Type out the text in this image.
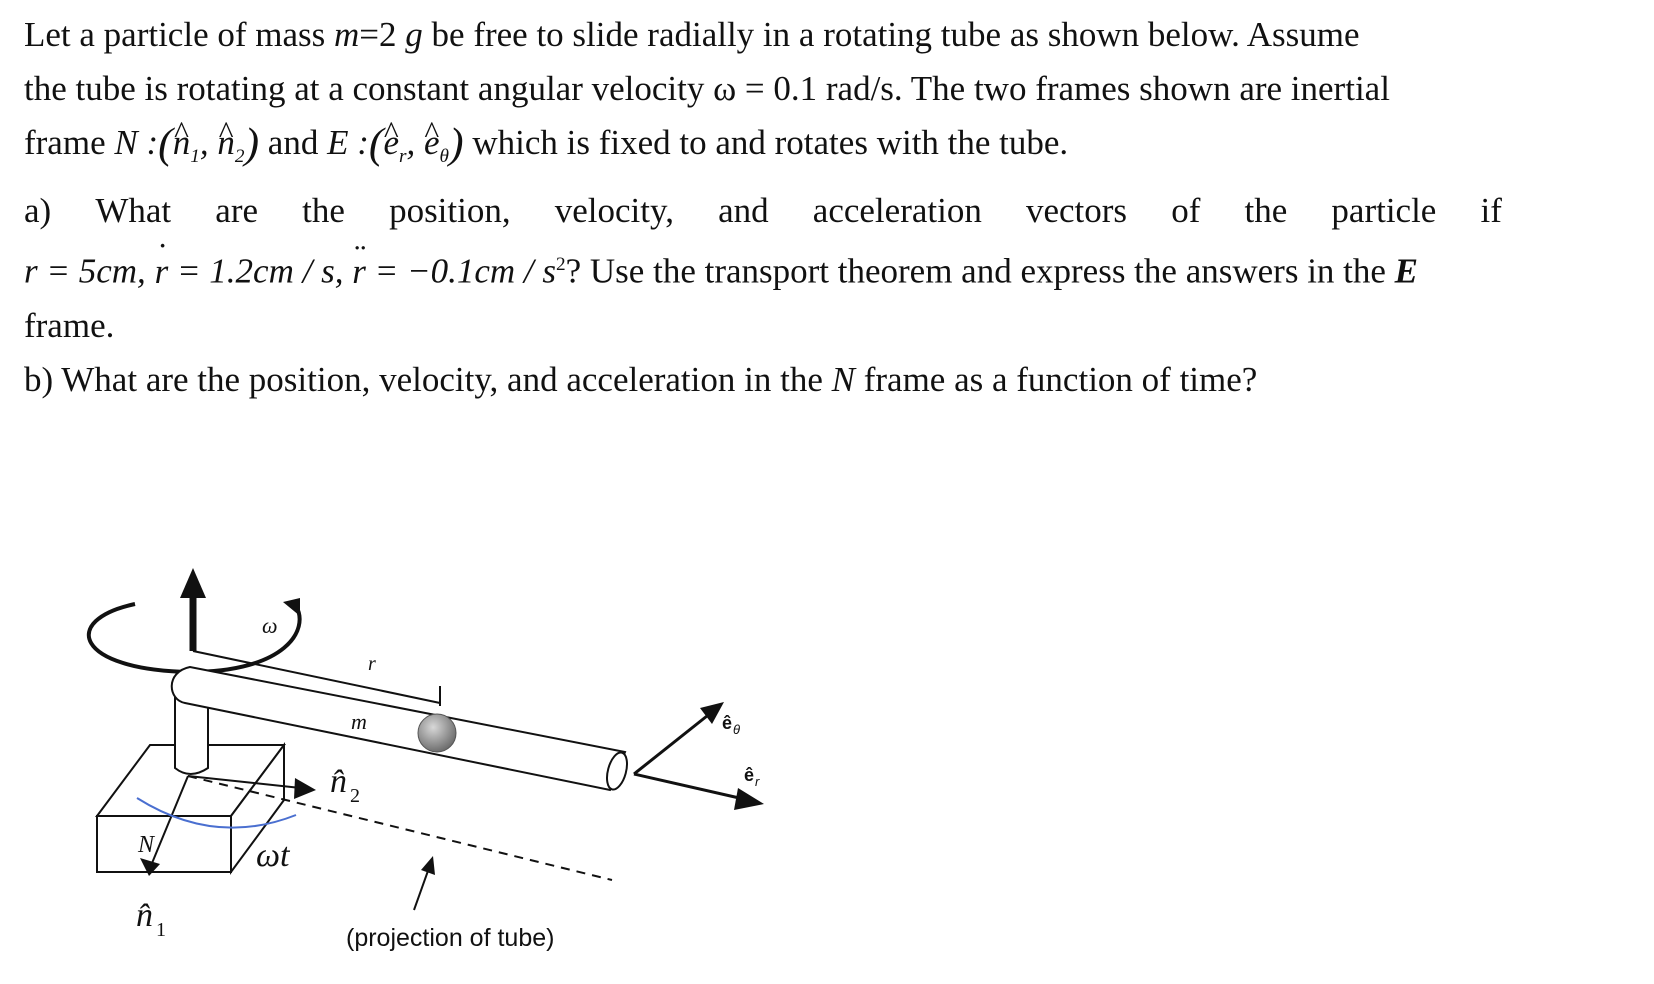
Let a particle of mass m=2 g be free to slide radially in a rotating tube as shown below. Assume
the tube is rotating at a constant angular velocity ω = 0.1 rad/s. The two frames shown are inertial
frame N :(^ $n_1$, ^ $n_2$) and E :(^ $e_r$, ^ $e_\theta$) which is fixed to and rotates with the tube.
a) What are the position, velocity, and acceleration vectors of the particle if
r = 5cm, ˙ r = 1.2cm / s, ¨ $r = -0.1cm / s^2$? Use the transport theorem and express the answers in the E
frame.
b) What are the position, velocity, and acceleration in the N frame as a function of time?
ω
r
m
n̂ 2
N
n̂ 1
ωt
ê θ
ê r
(projection of tube)
